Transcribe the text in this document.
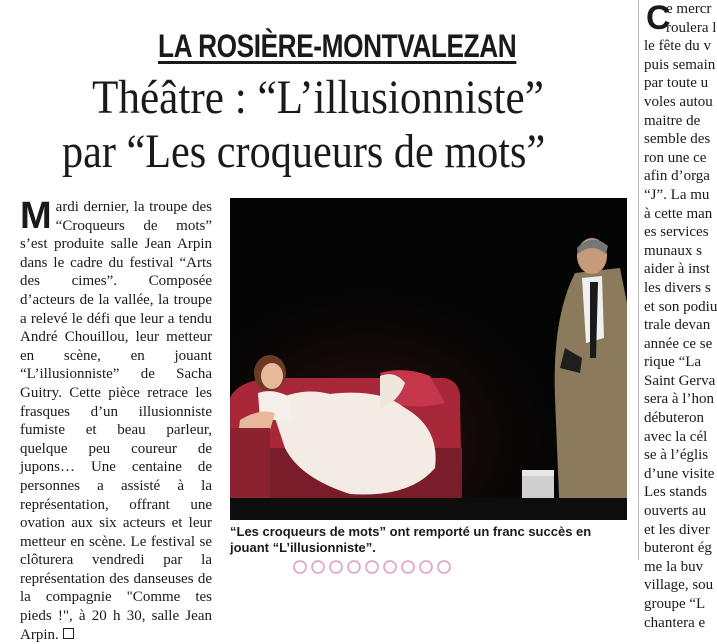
LA ROSIÈRE-MONTVALEZAN
Théâtre : “L’illusionniste”
par “Les croqueurs de mots”

Mardi dernier, la troupe des “Croqueurs de mots” s’est produite salle Jean Arpin dans le cadre du festival “Arts des cimes”. Composée d’acteurs de la vallée, la troupe a relevé le défi que leur a tendu André Chouillou, leur metteur en scène, en jouant “L’illusionniste” de Sacha Guitry. Cette pièce retrace les frasques d’un illusionniste fumiste et beau parleur, quelque peu coureur de jupons… Une centaine de personnes a assisté à la représentation, offrant une ovation aux six acteurs et leur metteur en scène. Le festival se clôturera vendredi par la représentation des danseuses de la compagnie "Comme tes pieds !", à 20 h 30, salle Jean Arpin.

“Les croqueurs de mots” ont remporté un franc succès en jouant “L’illusionniste”.
e mercr
roulera l
le fête du v
puis semain
par toute u
voles autou
maitre de
semble des
ron une ce
afin d’orga
“J”. La mu
à cette man
es services
munaux s
aider à inst
les divers s
et son podiu
trale devan
année ce se
rique “La
Saint Gerva
sera à l’hon
débuteron
avec la cél
se à l’églis
d’une visite
Les stands
ouverts au
et les diver
buteront ég
me la buv
village, sou
groupe “L
chantera e
C
